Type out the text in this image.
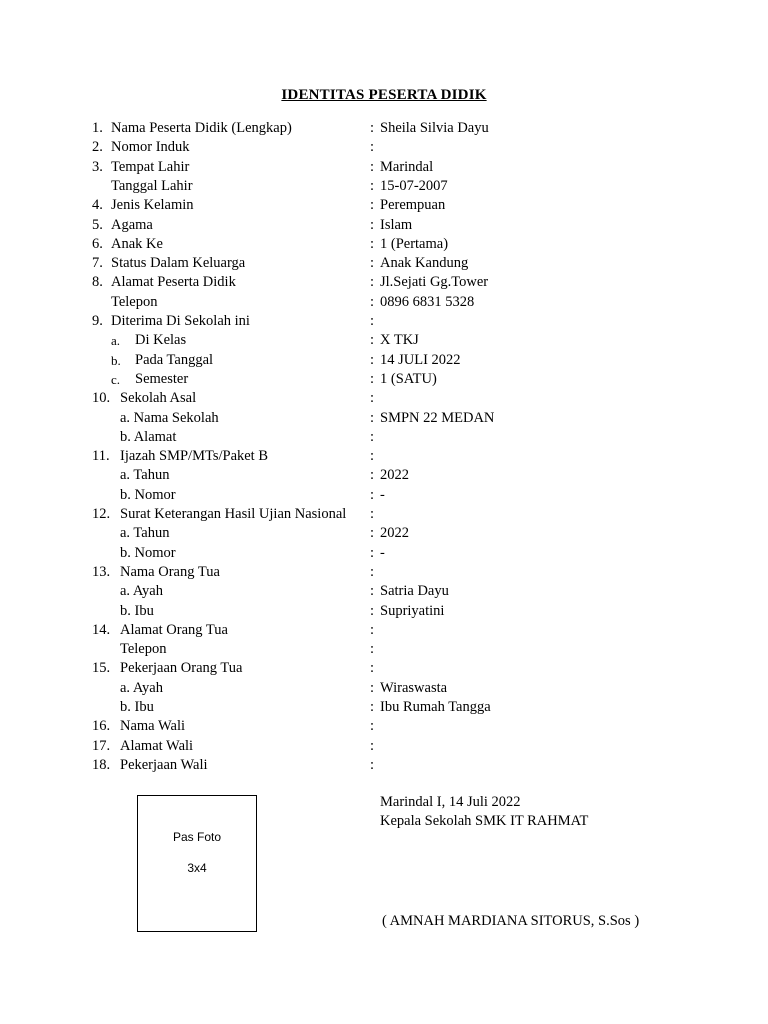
IDENTITAS PESERTA DIDIK
1. Nama Peserta Didik (Lengkap)	: Sheila Silvia Dayu
2. Nomor Induk	:
3. Tempat Lahir	: Marindal
Tanggal Lahir	: 15-07-2007
4. Jenis Kelamin	: Perempuan
5. Agama	: Islam
6. Anak Ke	: 1 (Pertama)
7. Status Dalam Keluarga	: Anak Kandung
8. Alamat Peserta Didik	: Jl.Sejati Gg.Tower
Telepon	: 0896 6831 5328
9. Diterima Di Sekolah ini	:
a. Di Kelas	: X TKJ
b. Pada Tanggal	: 14 JULI 2022
c. Semester	: 1 (SATU)
10. Sekolah Asal	:
a. Nama Sekolah	: SMPN 22 MEDAN
b. Alamat	:
11. Ijazah SMP/MTs/Paket B	:
a. Tahun	: 2022
b. Nomor	: -
12. Surat Keterangan Hasil Ujian Nasional :
a. Tahun	: 2022
b. Nomor	: -
13. Nama Orang Tua	:
a. Ayah	: Satria Dayu
b. Ibu	: Supriyatini
14. Alamat Orang Tua	:
Telepon	:
15. Pekerjaan Orang Tua	:
a. Ayah	: Wiraswasta
b. Ibu	: Ibu Rumah Tangga
16. Nama Wali	:
17. Alamat Wali	:
18. Pekerjaan Wali	:
Pas Foto
3x4
Marindal I, 14 Juli 2022
Kepala Sekolah SMK IT RAHMAT
( AMNAH MARDIANA SITORUS, S.Sos )
